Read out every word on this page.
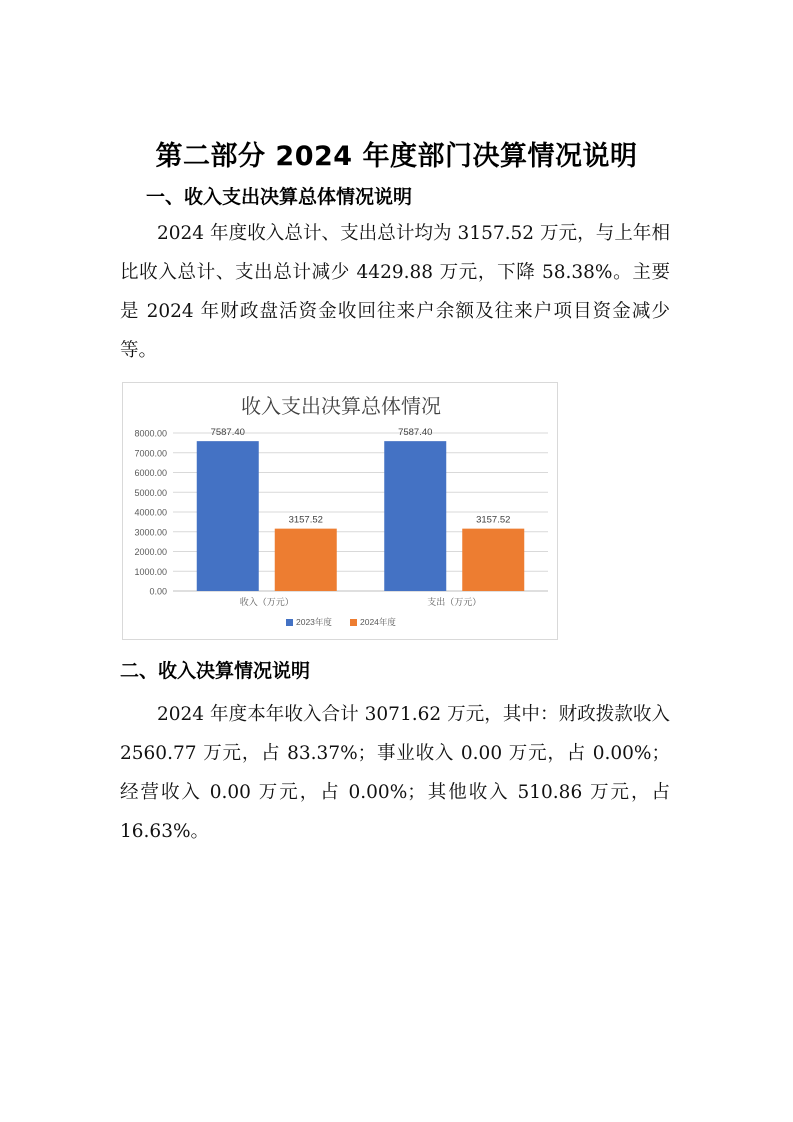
第二部分 2024 年度部门决算情况说明
一、收入支出决算总体情况说明

2024 年度收入总计、支出总计均为 3157.52 万元，与上年相比收入总计、支出总计减少 4429.88 万元，下降 58.38%。主要是 2024 年财政盘活资金收回往来户余额及往来户项目资金减少等。

收入支出决算总体情况
0.00
1000.00
2000.00
3000.00
4000.00
5000.00
6000.00
7000.00
8000.00	7587.40
3157.52
收入（万元）
7587.40
3157.52
支出（万元）
2023年度	2024年度
二、收入决算情况说明

2024 年度本年收入合计 3071.62 万元，其中：财政拨款收入 2560.77 万元，占 83.37%；事业收入 0.00 万元，占 0.00%；经营收入 0.00 万元，占 0.00%；其他收入 510.86 万元，占 16.63%。
